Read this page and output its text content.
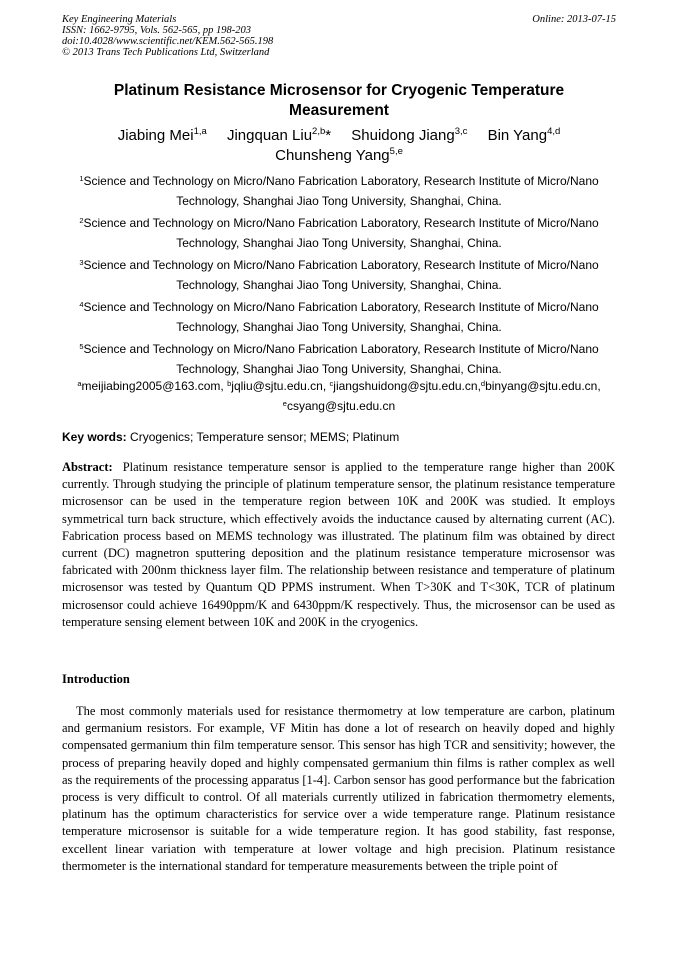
Key Engineering Materials
ISSN: 1662-9795, Vols. 562-565, pp 198-203
doi:10.4028/www.scientific.net/KEM.562-565.198
© 2013 Trans Tech Publications Ltd, Switzerland
Online: 2013-07-15
Platinum Resistance Microsensor for Cryogenic Temperature Measurement
Jiabing Mei$^{1,a}$ Jingquan Liu$^{2,b}$* Shuidong Jiang$^{3,c}$ Bin Yang$^{4,d}$
Chunsheng Yang$^{5,e}$

$^1$Science and Technology on Micro/Nano Fabrication Laboratory, Research Institute of Micro/Nano Technology, Shanghai Jiao Tong University, Shanghai, China.

$^2$Science and Technology on Micro/Nano Fabrication Laboratory, Research Institute of Micro/Nano Technology, Shanghai Jiao Tong University, Shanghai, China.

$^3$Science and Technology on Micro/Nano Fabrication Laboratory, Research Institute of Micro/Nano Technology, Shanghai Jiao Tong University, Shanghai, China.

$^4$Science and Technology on Micro/Nano Fabrication Laboratory, Research Institute of Micro/Nano Technology, Shanghai Jiao Tong University, Shanghai, China.

$^5$Science and Technology on Micro/Nano Fabrication Laboratory, Research Institute of Micro/Nano Technology, Shanghai Jiao Tong University, Shanghai, China.

$^a$meijiabing2005@163.com, $^b$jqliu@sjtu.edu.cn, $^c$jiangshuidong@sjtu.edu.cn,$^d$binyang@sjtu.edu.cn,
$^e$csyang@sjtu.edu.cn
Key words: Cryogenics; Temperature sensor; MEMS; Platinum
Abstract: Platinum resistance temperature sensor is applied to the temperature range higher than 200K currently. Through studying the principle of platinum temperature sensor, the platinum resistance temperature microsensor can be used in the temperature region between 10K and 200K was studied. It employs symmetrical turn back structure, which effectively avoids the inductance caused by alternating current (AC). Fabrication process based on MEMS technology was illustrated. The platinum film was obtained by direct current (DC) magnetron sputtering deposition and the platinum resistance temperature microsensor was fabricated with 200nm thickness layer film. The relationship between resistance and temperature of platinum microsensor was tested by Quantum QD PPMS instrument. When T>30K and T<30K, TCR of platinum microsensor could achieve 16490ppm/K and 6430ppm/K respectively. Thus, the microsensor can be used as temperature sensing element between 10K and 200K in the cryogenics.
Introduction
The most commonly materials used for resistance thermometry at low temperature are carbon, platinum and germanium resistors. For example, VF Mitin has done a lot of research on heavily doped and highly compensated germanium thin film temperature sensor. This sensor has high TCR and sensitivity; however, the process of preparing heavily doped and highly compensated germanium thin films is rather complex as well as the requirements of the processing apparatus [1-4]. Carbon sensor has good performance but the fabrication process is very difficult to control. Of all materials currently utilized in fabrication thermometry elements, platinum has the optimum characteristics for service over a wide temperature range. Platinum resistance temperature microsensor is suitable for a wide temperature region. It has good stability, fast response, excellent linear variation with temperature at lower voltage and high precision. Platinum resistance thermometer is the international standard for temperature measurements between the triple point of
